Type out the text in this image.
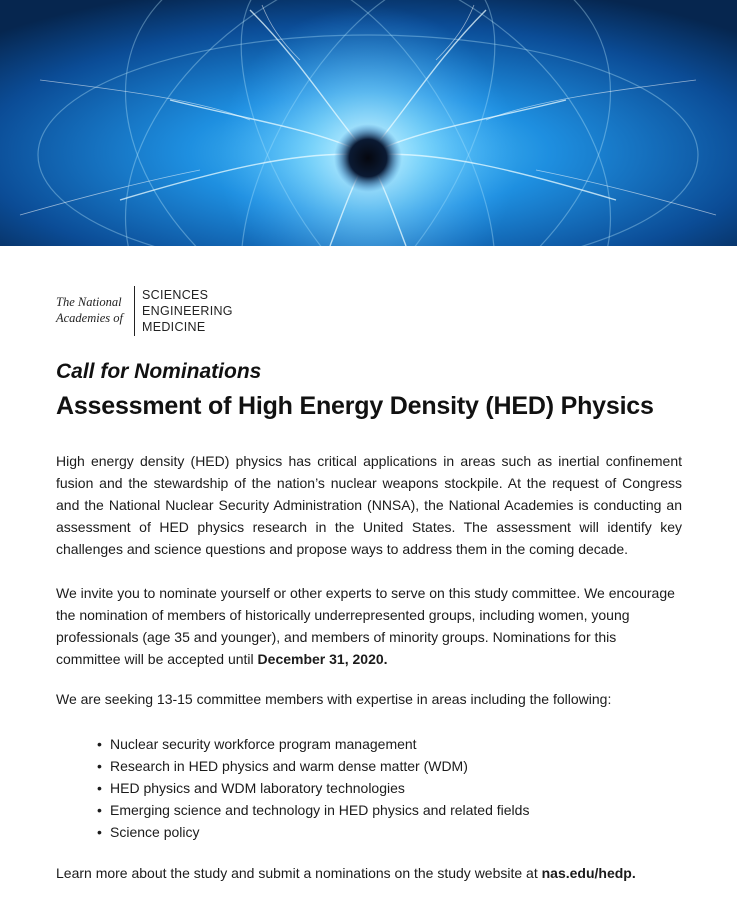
The National
Academies of
SCIENCES
ENGINEERING
MEDICINE
Call for Nominations
Assessment of High Energy Density (HED) Physics

High energy density (HED) physics has critical applications in areas such as inertial confinement fusion and the stewardship of the nation’s nuclear weapons stockpile. At the request of Congress and the National Nuclear Security Administration (NNSA), the National Academies is conducting an assessment of HED physics research in the United States. The assessment will identify key challenges and science questions and propose ways to address them in the coming decade.

We invite you to nominate yourself or other experts to serve on this study committee. We encourage the nomination of members of historically underrepresented groups, including women, young professionals (age 35 and younger), and members of minority groups. Nominations for this committee will be accepted until December 31, 2020.

We are seeking 13-15 committee members with expertise in areas including the following:

• Nuclear security workforce program management
• Research in HED physics and warm dense matter (WDM)
• HED physics and WDM laboratory technologies
• Emerging science and technology in HED physics and related fields
• Science policy

Learn more about the study and submit a nominations on the study website at nas.edu/hedp.
